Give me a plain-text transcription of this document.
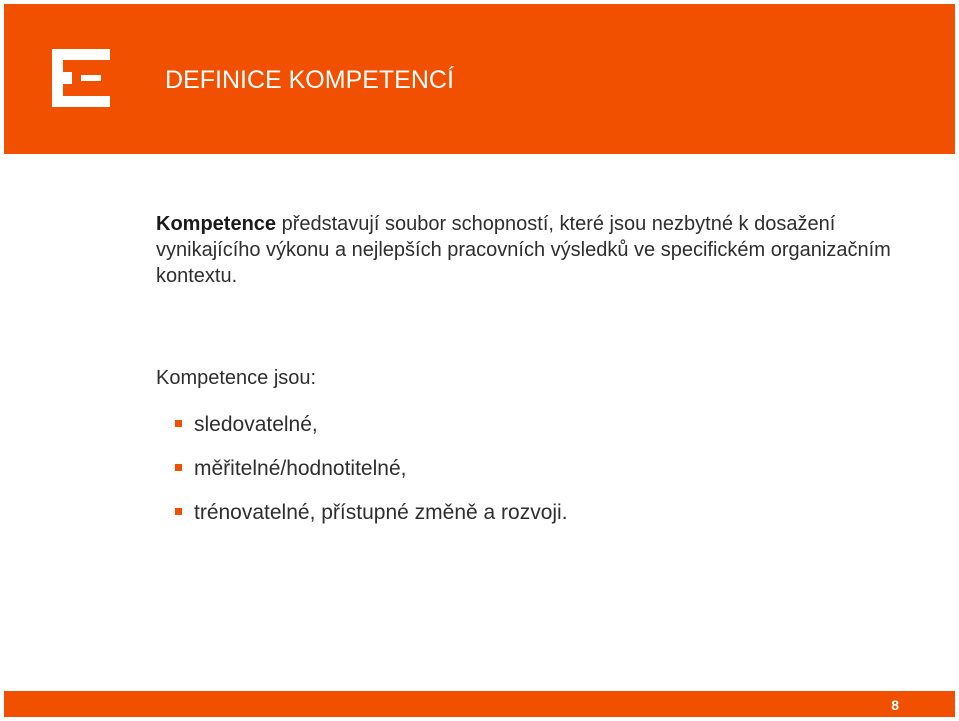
DEFINICE KOMPETENCÍ
Kompetence představují soubor schopností, které jsou nezbytné k dosažení vynikajícího výkonu a nejlepších pracovních výsledků ve specifickém organizačním kontextu.
Kompetence jsou:
sledovatelné,
měřitelné/hodnotitelné,
trénovatelné, přístupné změně a rozvoji.
8
